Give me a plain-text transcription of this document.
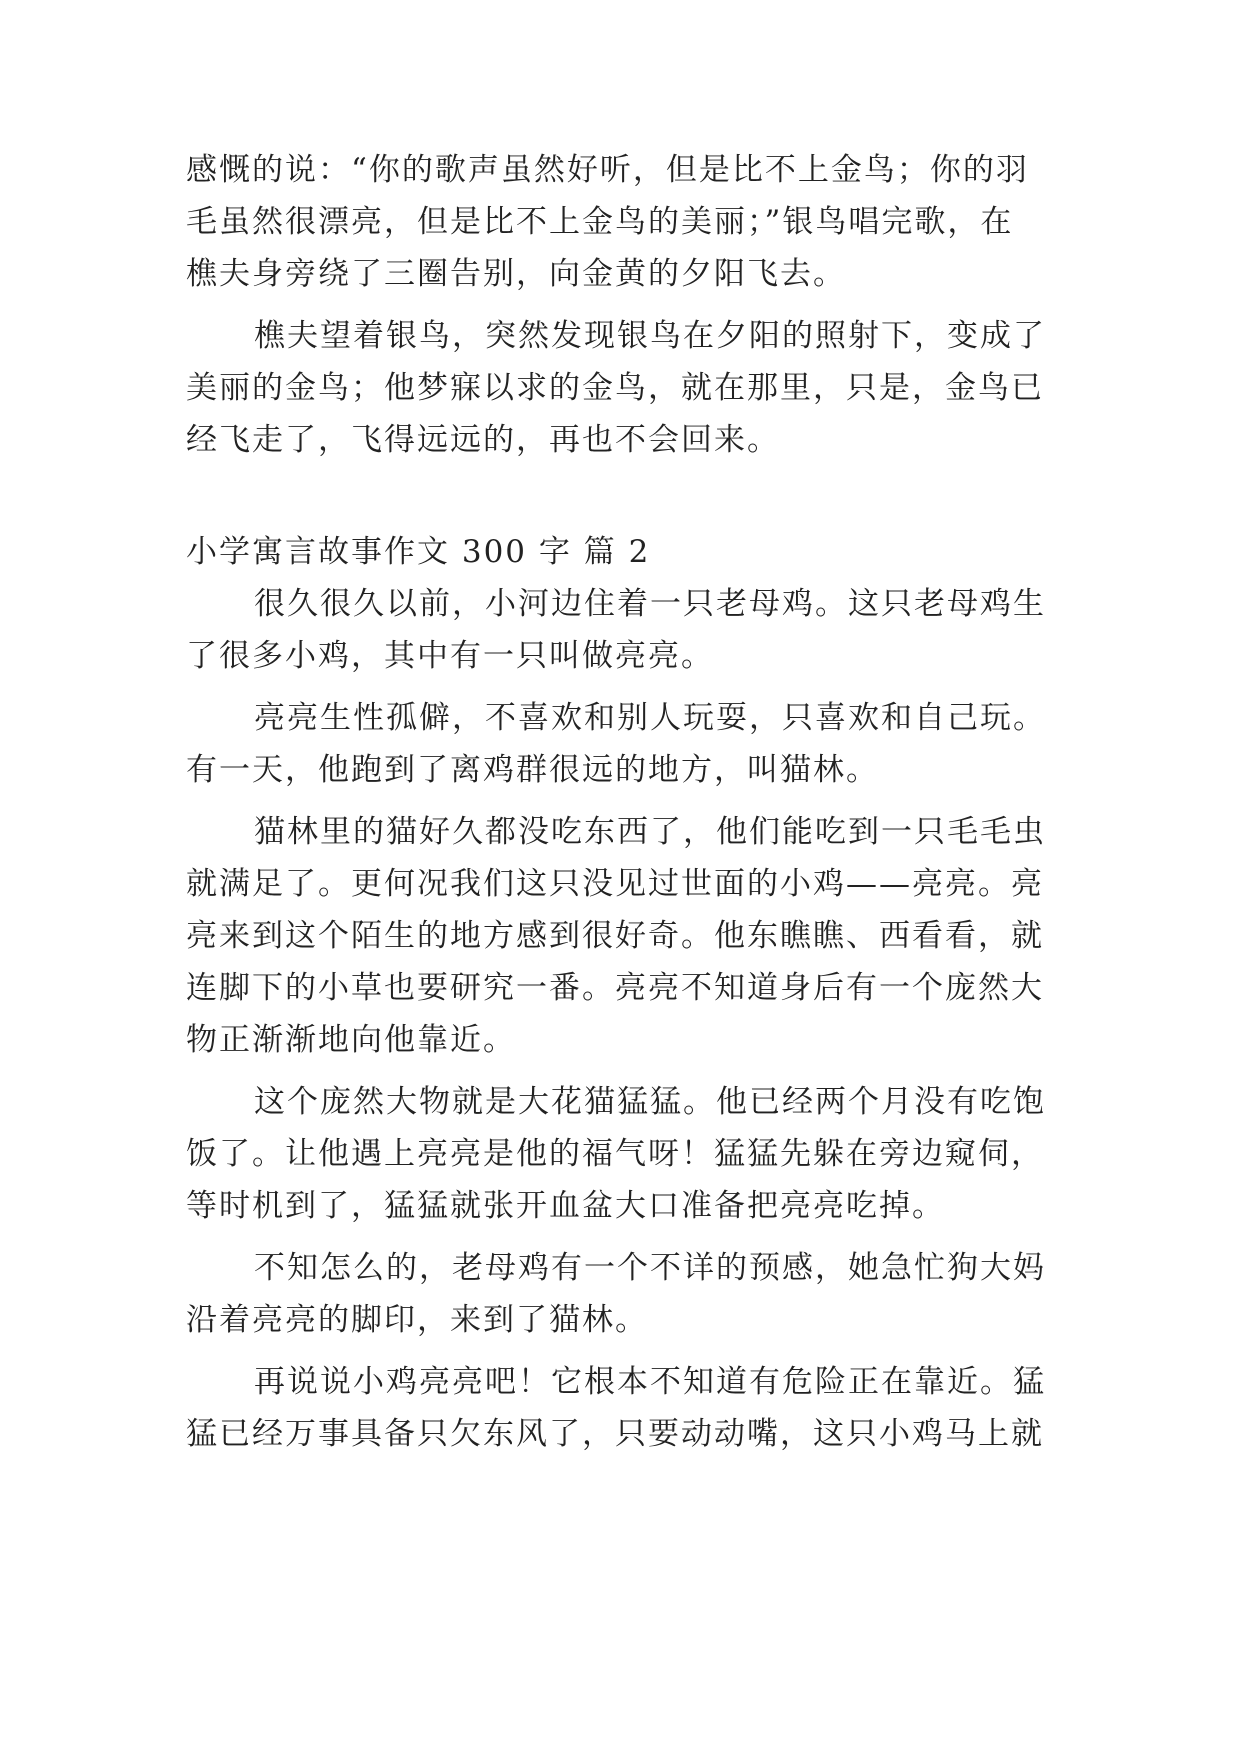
感慨的说：“你的歌声虽然好听，但是比不上金鸟；你的羽
毛虽然很漂亮，但是比不上金鸟的美丽；”银鸟唱完歌，在
樵夫身旁绕了三圈告别，向金黄的夕阳飞去。
樵夫望着银鸟，突然发现银鸟在夕阳的照射下，变成了
美丽的金鸟；他梦寐以求的金鸟，就在那里，只是，金鸟已
经飞走了，飞得远远的，再也不会回来。
小学寓言故事作文 300 字 篇 2
很久很久以前，小河边住着一只老母鸡。这只老母鸡生
了很多小鸡，其中有一只叫做亮亮。
亮亮生性孤僻，不喜欢和别人玩耍，只喜欢和自己玩。
有一天，他跑到了离鸡群很远的地方，叫猫林。
猫林里的猫好久都没吃东西了，他们能吃到一只毛毛虫
就满足了。更何况我们这只没见过世面的小鸡——亮亮。亮
亮来到这个陌生的地方感到很好奇。他东瞧瞧、西看看，就
连脚下的小草也要研究一番。亮亮不知道身后有一个庞然大
物正渐渐地向他靠近。
这个庞然大物就是大花猫猛猛。他已经两个月没有吃饱
饭了。让他遇上亮亮是他的福气呀！猛猛先躲在旁边窥伺，
等时机到了，猛猛就张开血盆大口准备把亮亮吃掉。
不知怎么的，老母鸡有一个不详的预感，她急忙狗大妈
沿着亮亮的脚印，来到了猫林。
再说说小鸡亮亮吧！它根本不知道有危险正在靠近。猛
猛已经万事具备只欠东风了，只要动动嘴，这只小鸡马上就
